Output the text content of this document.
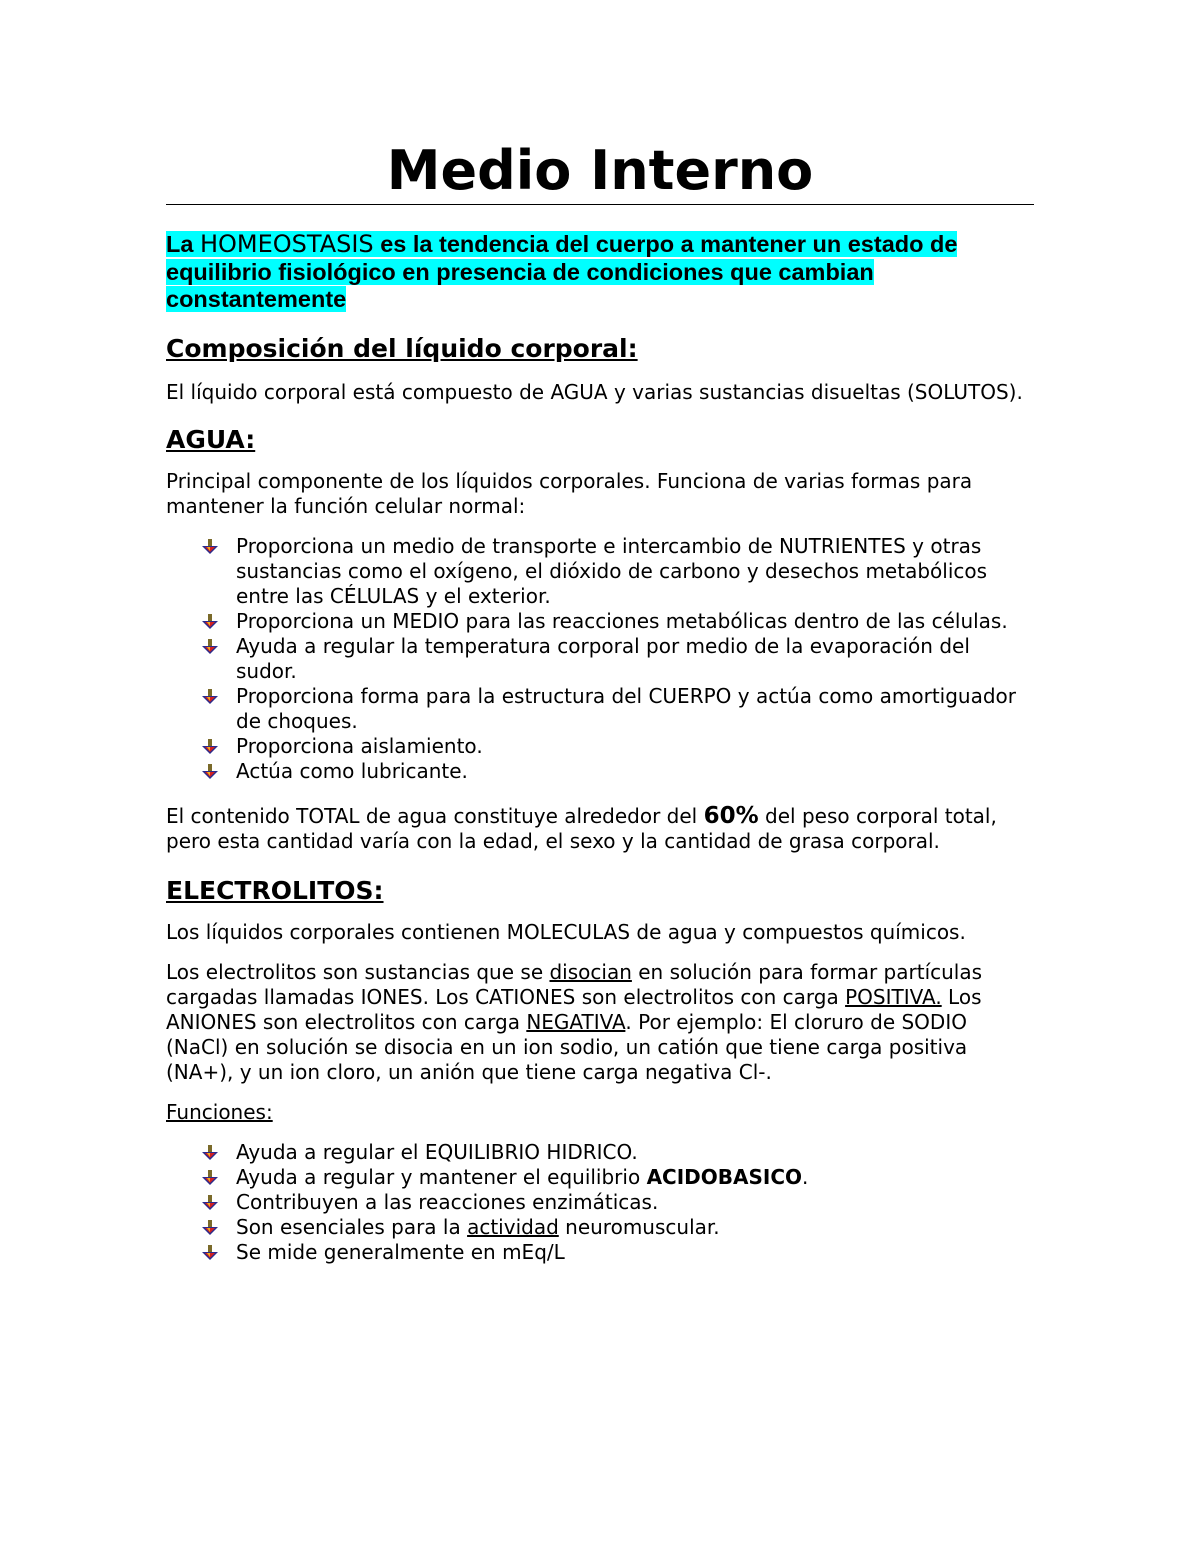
Medio Interno
La HOMEOSTASIS es la tendencia del cuerpo a mantener un estado de equilibrio fisiológico en presencia de condiciones que cambian constantemente
Composición del líquido corporal:

El líquido corporal está compuesto de AGUA y varias sustancias disueltas (SOLUTOS).

AGUA:

Principal componente de los líquidos corporales. Funciona de varias formas para mantener la función celular normal:

Proporciona un medio de transporte e intercambio de NUTRIENTES y otras sustancias como el oxígeno, el dióxido de carbono y desechos metabólicos entre las CÉLULAS y el exterior.
Proporciona un MEDIO para las reacciones metabólicas dentro de las células.
Ayuda a regular la temperatura corporal por medio de la evaporación del sudor.
Proporciona forma para la estructura del CUERPO y actúa como amortiguador de choques.
Proporciona aislamiento.
Actúa como lubricante.

El contenido TOTAL de agua constituye alrededor del 60% del peso corporal total, pero esta cantidad varía con la edad, el sexo y la cantidad de grasa corporal.

ELECTROLITOS:

Los líquidos corporales contienen MOLECULAS de agua y compuestos químicos.

Los electrolitos son sustancias que se disocian en solución para formar partículas cargadas llamadas IONES. Los CATIONES son electrolitos con carga POSITIVA. Los ANIONES son electrolitos con carga NEGATIVA. Por ejemplo: El cloruro de SODIO (NaCl) en solución se disocia en un ion sodio, un catión que tiene carga positiva (NA+), y un ion cloro, un anión que tiene carga negativa Cl-.

Funciones:

Ayuda a regular el EQUILIBRIO HIDRICO.
Ayuda a regular y mantener el equilibrio ACIDOBASICO.
Contribuyen a las reacciones enzimáticas.
Son esenciales para la actividad neuromuscular.
Se mide generalmente en mEq/L
